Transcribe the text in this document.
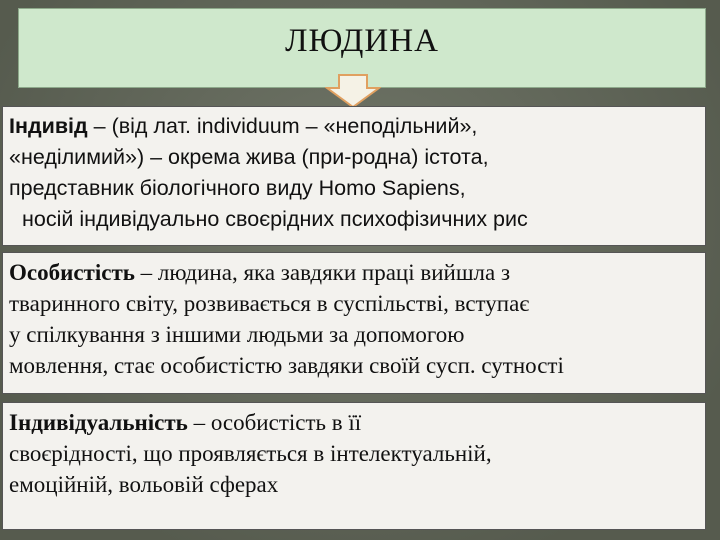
ЛЮДИНА
Індивід – (від лат. individuum – «неподільний»,
«неділимий») – окрема жива (при-родна) істота,
представник біологічного виду Homo Sapiens,
носій індивідуально своєрідних психофізичних рис
Особистість – людина, яка завдяки праці вийшла з
тваринного світу, розвивається в суспільстві, вступає
у спілкування з іншими людьми за допомогою
мовлення, стає особистістю завдяки своїй сусп. сутності
Індивідуальність – особистість в її
своєрідності, що проявляється в інтелектуальній,
емоційній, вольовій сферах
